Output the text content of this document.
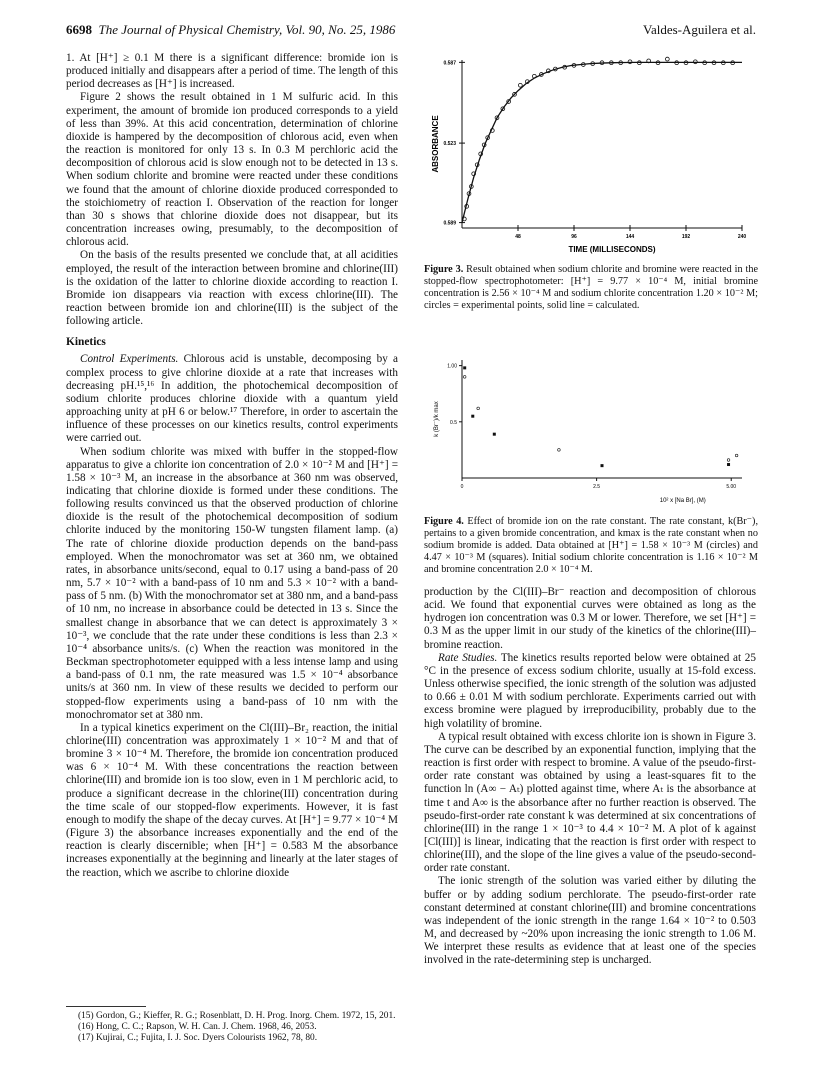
6698 The Journal of Physical Chemistry, Vol. 90, No. 25, 1986	Valdes-Aguilera et al.

1. At [H⁺] ≥ 0.1 M there is a significant difference: bromide ion is produced initially and disappears after a period of time. The length of this period decreases as [H⁺] is increased.

Figure 2 shows the result obtained in 1 M sulfuric acid. In this experiment, the amount of bromide ion produced corresponds to a yield of less than 39%. At this acid concentration, determination of chlorine dioxide is hampered by the decomposition of chlorous acid, even when the reaction is monitored for only 13 s. In 0.3 M perchloric acid the decomposition of chlorous acid is slow enough not to be detected in 13 s. When sodium chlorite and bromine were reacted under these conditions we found that the amount of chlorine dioxide produced corresponded to the stoichiometry of reaction I. Observation of the reaction for longer than 30 s shows that chlorine dioxide does not disappear, but its concentration increases owing, presumably, to the decomposition of chlorous acid.

On the basis of the results presented we conclude that, at all acidities employed, the result of the interaction between bromine and chlorine(III) is the oxidation of the latter to chlorine dioxide according to reaction I. Bromide ion disappears via reaction with excess chlorine(III). The reaction between bromide ion and chlorine(III) is the subject of the following article.

Kinetics

Control Experiments. Chlorous acid is unstable, decomposing by a complex process to give chlorine dioxide at a rate that increases with decreasing pH.¹⁵,¹⁶ In addition, the photochemical decomposition of sodium chlorite produces chlorine dioxide with a quantum yield approaching unity at pH 6 or below.¹⁷ Therefore, in order to ascertain the influence of these processes on our kinetics results, control experiments were carried out.

When sodium chlorite was mixed with buffer in the stopped-flow apparatus to give a chlorite ion concentration of 2.0 × 10⁻² M and [H⁺] = 1.58 × 10⁻³ M, an increase in the absorbance at 360 nm was observed, indicating that chlorine dioxide is formed under these conditions. The following results convinced us that the observed production of chlorine dioxide is the result of the photochemical decomposition of sodium chlorite induced by the monitoring 150-W tungsten filament lamp. (a) The rate of chlorine dioxide production depends on the band-pass employed. When the monochromator was set at 360 nm, we obtained rates, in absorbance units/second, equal to 0.17 using a band-pass of 20 nm, 5.7 × 10⁻² with a band-pass of 10 nm and 5.3 × 10⁻² with a band-pass of 5 nm. (b) With the monochromator set at 380 nm, and a band-pass of 10 nm, no increase in absorbance could be detected in 13 s. Since the smallest change in absorbance that we can detect is approximately 3 × 10⁻³, we conclude that the rate under these conditions is less than 2.3 × 10⁻⁴ absorbance units/s. (c) When the reaction was monitored in the Beckman spectrophotometer equipped with a less intense lamp and using a band-pass of 0.1 nm, the rate measured was 1.5 × 10⁻⁴ absorbance units/s at 360 nm. In view of these results we decided to perform our stopped-flow experiments using a band-pass of 10 nm with the monochromator set at 380 nm.

In a typical kinetics experiment on the Cl(III)–Br₂ reaction, the initial chlorine(III) concentration was approximately 1 × 10⁻² M and that of bromine 3 × 10⁻⁴ M. Therefore, the bromide ion concentration produced was 6 × 10⁻⁴ M. With these concentrations the reaction between chlorine(III) and bromide ion is too slow, even in 1 M perchloric acid, to produce a significant decrease in the chlorine(III) concentration during the time scale of our stopped-flow experiments. However, it is fast enough to modify the shape of the decay curves. At [H⁺] = 9.77 × 10⁻⁴ M (Figure 3) the absorbance increases exponentially and the end of the reaction is clearly discernible; when [H⁺] = 0.583 M the absorbance increases exponentially at the beginning and linearly at the later stages of the reaction, which we ascribe to chlorine dioxide

0.587
0.523
0.589
48	96	144	192	240
TIME (MILLISECONDS)
ABSORBANCE
Figure 3. Result obtained when sodium chlorite and bromine were reacted in the stopped-flow spectrophotometer: [H⁺] = 9.77 × 10⁻⁴ M, initial bromine concentration is 2.56 × 10⁻⁴ M and sodium chlorite concentration 1.20 × 10⁻² M; circles = experimental points, solid line = calculated.
1.00
0.5
0	2.5	5.00
10² x [Na Br], (M)
k (Br⁻)/k max
Figure 4. Effect of bromide ion on the rate constant. The rate constant, k(Br⁻), pertains to a given bromide concentration, and kmax is the rate constant when no sodium bromide is added. Data obtained at [H⁺] = 1.58 × 10⁻³ M (circles) and 4.47 × 10⁻³ M (squares). Initial sodium chlorite concentration is 1.16 × 10⁻² M and bromine concentration 2.0 × 10⁻⁴ M.

production by the Cl(III)–Br⁻ reaction and decomposition of chlorous acid. We found that exponential curves were obtained as long as the hydrogen ion concentration was 0.3 M or lower. Therefore, we set [H⁺] = 0.3 M as the upper limit in our study of the kinetics of the chlorine(III)–bromine reaction.

Rate Studies. The kinetics results reported below were obtained at 25 °C in the presence of excess sodium chlorite, usually at 15-fold excess. Unless otherwise specified, the ionic strength of the solution was adjusted to 0.66 ± 0.01 M with sodium perchlorate. Experiments carried out with excess bromine were plagued by irreproducibility, probably due to the high volatility of bromine.

A typical result obtained with excess chlorite ion is shown in Figure 3. The curve can be described by an exponential function, implying that the reaction is first order with respect to bromine. A value of the pseudo-first-order rate constant was obtained by using a least-squares fit to the function ln (A∞ − Aₜ) plotted against time, where Aₜ is the absorbance at time t and A∞ is the absorbance after no further reaction is observed. The pseudo-first-order rate constant k was determined at six concentrations of chlorine(III) in the range 1 × 10⁻³ to 4.4 × 10⁻² M. A plot of k against [Cl(III)] is linear, indicating that the reaction is first order with respect to chlorine(III), and the slope of the line gives a value of the pseudo-second-order rate constant.

The ionic strength of the solution was varied either by diluting the buffer or by adding sodium perchlorate. The pseudo-first-order rate constant determined at constant chlorine(III) and bromine concentrations was independent of the ionic strength in the range 1.64 × 10⁻² to 0.503 M, and decreased by ~20% upon increasing the ionic strength to 1.06 M. We interpret these results as evidence that at least one of the species involved in the rate-determining step is uncharged.

(15) Gordon, G.; Kieffer, R. G.; Rosenblatt, D. H. Prog. Inorg. Chem. 1972, 15, 201.

(16) Hong, C. C.; Rapson, W. H. Can. J. Chem. 1968, 46, 2053.

(17) Kujirai, C.; Fujita, I. J. Soc. Dyers Colourists 1962, 78, 80.
